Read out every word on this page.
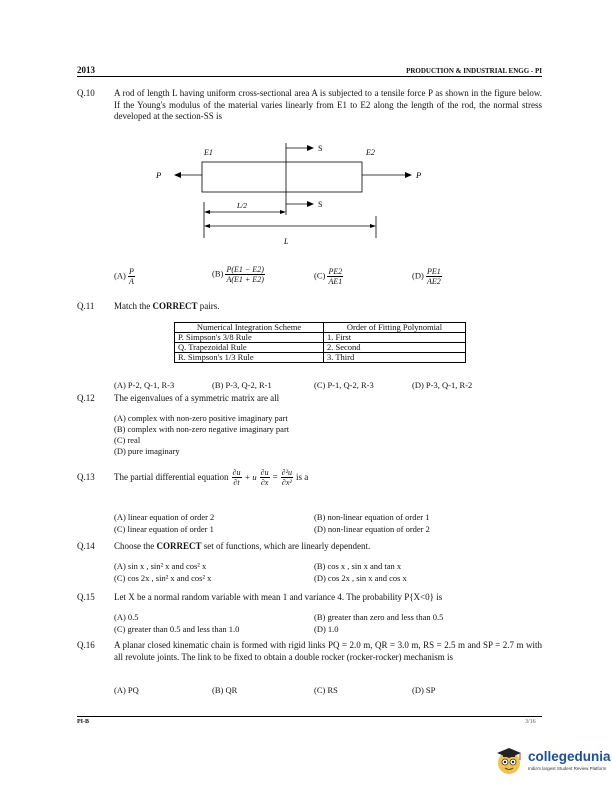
2013	PRODUCTION & INDUSTRIAL ENGG - PI
Q.10 A rod of length L having uniform cross-sectional area A is subjected to a tensile force P as shown in the figure below. If the Young's modulus of the material varies linearly from E1 to E2 along the length of the rod, the normal stress developed at the section-SS is
E1	E2
P	P
S
S
L/2
L
$(A) \frac{P}{A}$	$(B) \frac{P(E1 - E2)}{A(E1 + E2)}$	$(C) \frac{PE2}{AE1}$	$(D) \frac{PE1}{AE2}$
Q.11 Match the CORRECT pairs.
Numerical Integration Scheme	Order of Fitting Polynomial
P. Simpson's 3/8 Rule	1. First
Q. Trapezoidal Rule	2. Second
R. Simpson's 1/3 Rule	3. Third
(A) P-2, Q-1, R-3	(B) P-3, Q-2, R-1	(C) P-1, Q-2, R-3	(D) P-3, Q-1, R-2
Q.12 The eigenvalues of a symmetric matrix are all
(A) complex with non-zero positive imaginary part
(B) complex with non-zero negative imaginary part
(C) real
(D) pure imaginary
Q.13 The partial differential equation $\frac{\partial u}{\partial t} + u \frac{\partial u}{\partial x} = \frac{\text{∂²u}}{\text{∂x²}}$ is a
(A) linear equation of order 2	(B) non-linear equation of order 1
(C) linear equation of order 1	(D) non-linear equation of order 2
Q.14 Choose the CORRECT set of functions, which are linearly dependent.
(A) sin x , sin² x and cos² x	(B) cos x , sin x and tan x
(C) cos 2x , sin² x and cos² x	(D) cos 2x , sin x and cos x
Q.15 Let X be a normal random variable with mean 1 and variance 4. The probability P{X<0} is
(A) 0.5	(B) greater than zero and less than 0.5
(C) greater than 0.5 and less than 1.0	(D) 1.0
Q.16 A planar closed kinematic chain is formed with rigid links PQ = 2.0 m, QR = 3.0 m, RS = 2.5 m and SP = 2.7 m with all revolute joints. The link to be fixed to obtain a double rocker (rocker-rocker) mechanism is
(A) PQ	(B) QR	(C) RS	(D) SP
PI-B	3/16
collegedunia
India's largest Student Review Platform
